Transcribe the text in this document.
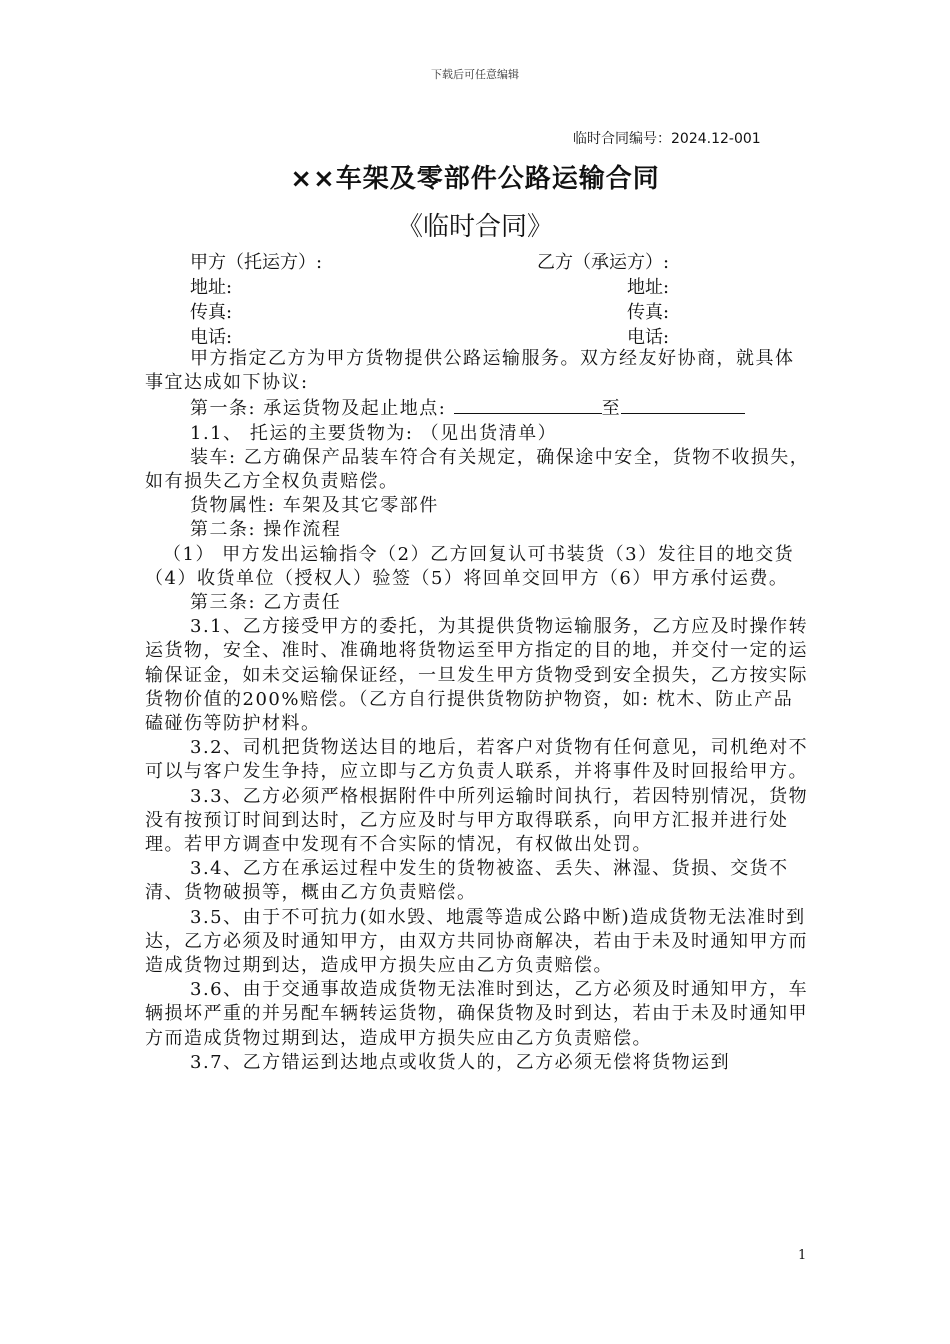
下载后可任意编辑
临时合同编号：2024.12-001
××车架及零部件公路运输合同
《临时合同》
甲方（托运方）:	乙方（承运方）:
地址:	地址:
传真:	传真:
电话:	电话:

甲方指定乙方为甲方货物提供公路运输服务。双方经友好协商，就具体事宜达成如下协议:

第一条: 承运货物及起止地点:	至

1.1、 托运的主要货物为: （见出货清单）

装车: 乙方确保产品装车符合有关规定，确保途中安全，货物不收损失，如有损失乙方全权负责赔偿。

货物属性: 车架及其它零部件

第二条: 操作流程

（1） 甲方发出运输指令（2）乙方回复认可书装货（3）发往目的地交货（4）收货单位（授权人）验签（5）将回单交回甲方（6）甲方承付运费。

第三条: 乙方责任

3.1、乙方接受甲方的委托，为其提供货物运输服务，乙方应及时操作转运货物，安全、准时、准确地将货物运至甲方指定的目的地，并交付一定的运输保证金，如未交运输保证经，一旦发生甲方货物受到安全损失，乙方按实际货物价值的200%赔偿。（乙方自行提供货物防护物资，如: 枕木、防止产品磕碰伤等防护材料。

3.2、司机把货物送达目的地后，若客户对货物有任何意见，司机绝对不可以与客户发生争持，应立即与乙方负责人联系，并将事件及时回报给甲方。

3.3、乙方必须严格根据附件中所列运输时间执行，若因特别情况，货物没有按预订时间到达时，乙方应及时与甲方取得联系，向甲方汇报并进行处理。若甲方调查中发现有不合实际的情况，有权做出处罚。

3.4、乙方在承运过程中发生的货物被盗、丢失、淋湿、货损、交货不清、货物破损等，概由乙方负责赔偿。

3.5、由于不可抗力(如水毁、地震等造成公路中断)造成货物无法准时到达，乙方必须及时通知甲方，由双方共同协商解决，若由于未及时通知甲方而造成货物过期到达，造成甲方损失应由乙方负责赔偿。

3.6、由于交通事故造成货物无法准时到达，乙方必须及时通知甲方，车辆损坏严重的并另配车辆转运货物，确保货物及时到达，若由于未及时通知甲方而造成货物过期到达，造成甲方损失应由乙方负责赔偿。

3.7、乙方错运到达地点或收货人的，乙方必须无偿将货物运到

1
